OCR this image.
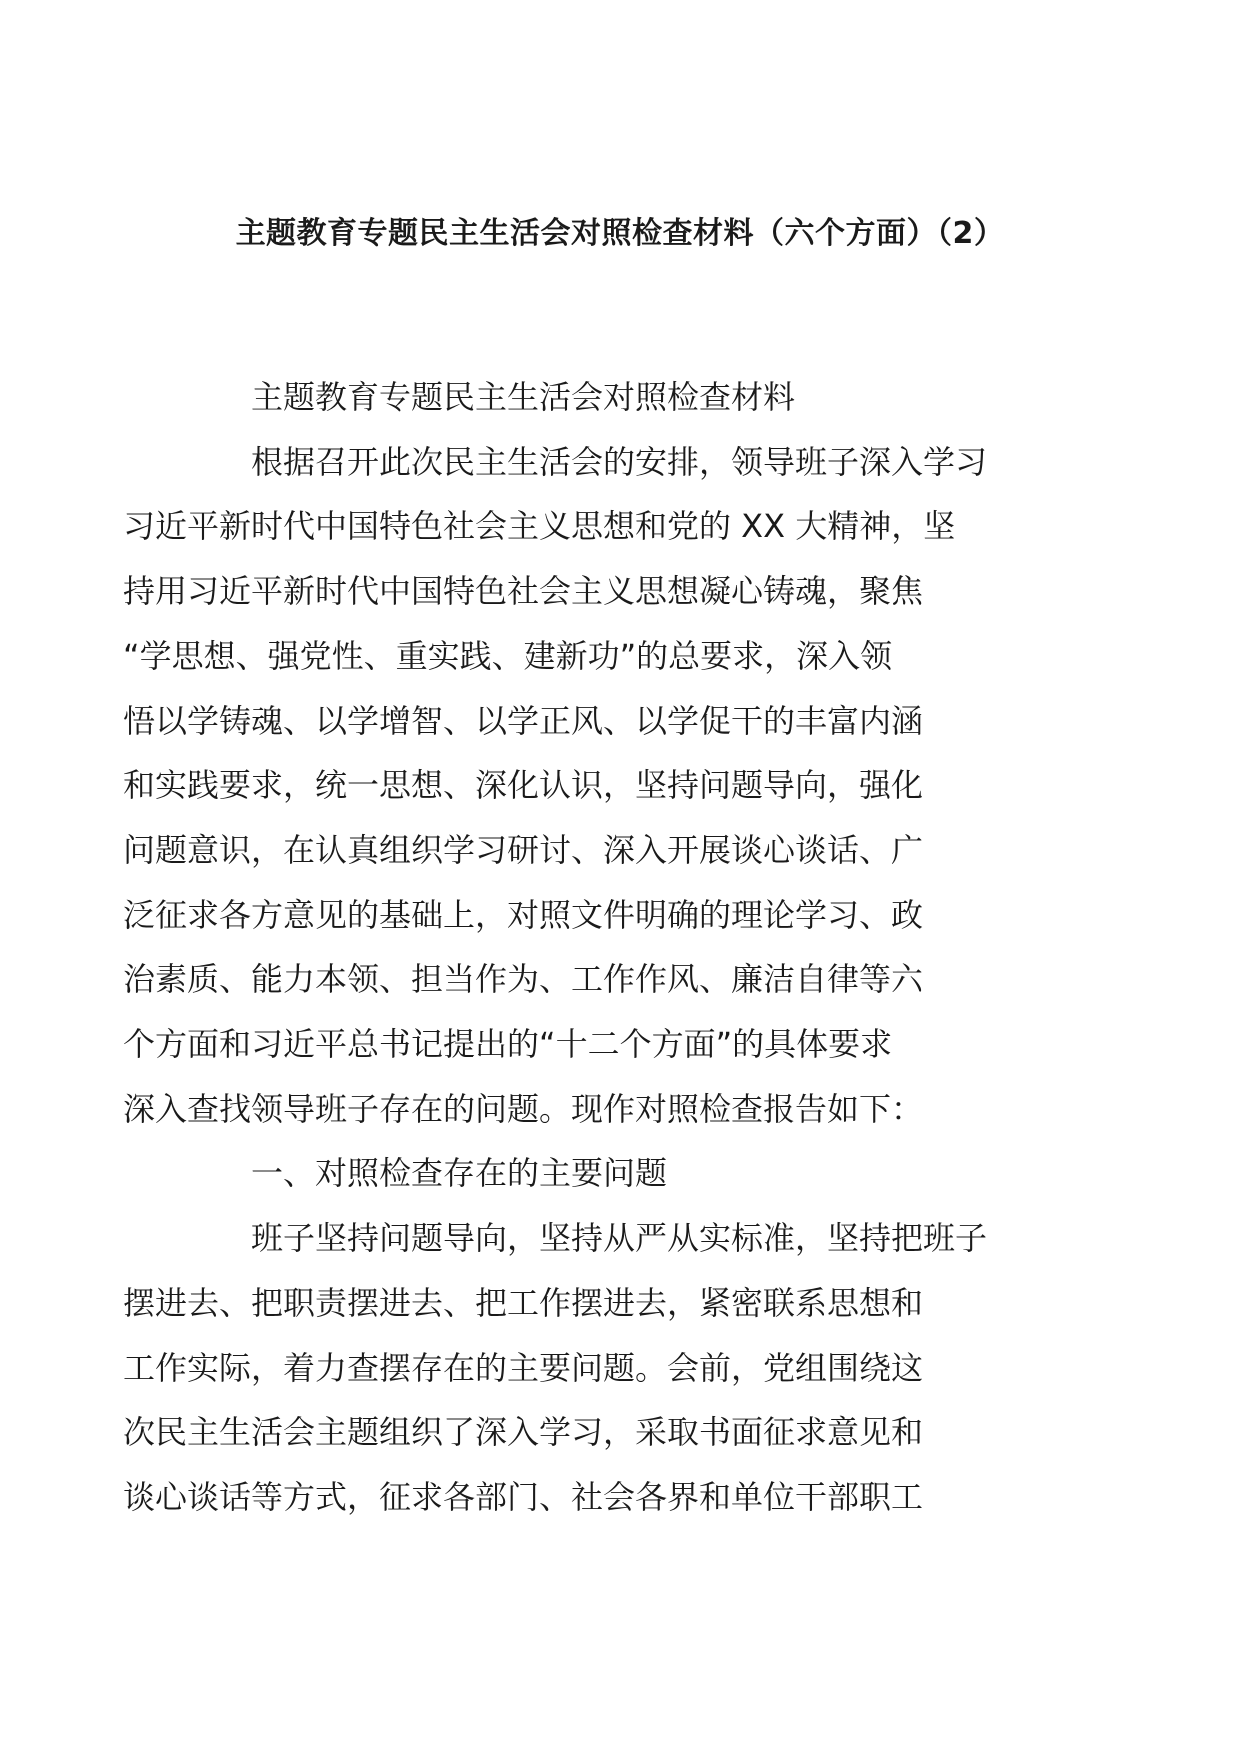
主题教育专题民主生活会对照检查材料（六个方面）（2）

主题教育专题民主生活会对照检查材料

根据召开此次民主生活会的安排，领导班子深入学习
习近平新时代中国特色社会主义思想和党的 XX 大精神，坚
持用习近平新时代中国特色社会主义思想凝心铸魂，聚焦
“学思想、强党性、重实践、建新功”的总要求，深入领
悟以学铸魂、以学增智、以学正风、以学促干的丰富内涵
和实践要求，统一思想、深化认识，坚持问题导向，强化
问题意识，在认真组织学习研讨、深入开展谈心谈话、广
泛征求各方意见的基础上，对照文件明确的理论学习、政
治素质、能力本领、担当作为、工作作风、廉洁自律等六
个方面和习近平总书记提出的“十二个方面”的具体要求
深入查找领导班子存在的问题。现作对照检查报告如下：

一、对照检查存在的主要问题

班子坚持问题导向，坚持从严从实标准，坚持把班子
摆进去、把职责摆进去、把工作摆进去，紧密联系思想和
工作实际，着力查摆存在的主要问题。会前，党组围绕这
次民主生活会主题组织了深入学习，采取书面征求意见和
谈心谈话等方式，征求各部门、社会各界和单位干部职工
